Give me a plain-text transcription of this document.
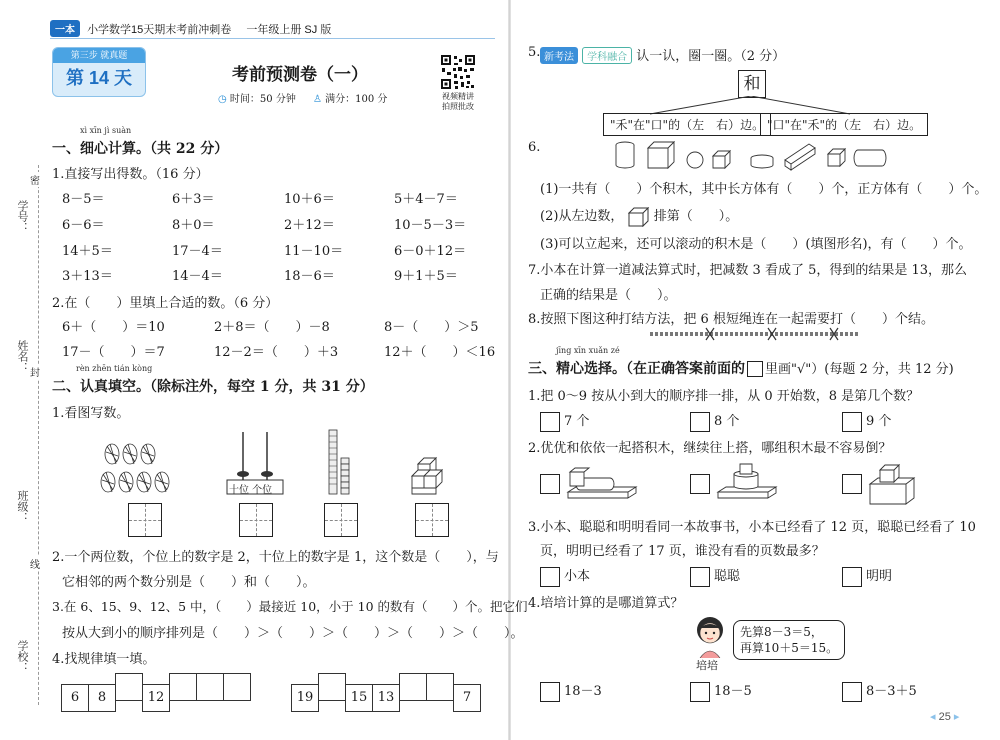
一本 小学数学15天期末考前冲刺卷 一年级上册 SJ 版
第三步 就真题
第 14 天	考前预测卷（一）
◷ 时间：50 分钟 ♙ 满分：100 分	视频精讲
拍照批改
学号：
姓名：
班级：
学校：
密
封
线
xì xīn jì suàn
一、细心计算。（共 22 分）
1.直接写出得数。（16 分）
8－5＝	6＋3＝	10＋6＝	5＋4－7＝
6－6＝	8＋0＝	2＋12＝	10－5－3＝
14＋5＝	17－4＝	11－10＝	6－0＋12＝
3＋13＝	14－4＝	18－6＝	9＋1＋5＝
2.在（　　）里填上合适的数。（6 分）
6＋（　　）＝10	2＋8＝（　　）－8	8－（　　）＞5
17－（　　）＝7	12－2＝（　　）＋3	12＋（　　）＜16
rèn zhēn tián kòng
二、认真填空。（除标注外，每空 1 分，共 31 分）
1.看图写数。
十位 个位
2.一个两位数，个位上的数字是 2，十位上的数字是 1，这个数是（　　），与
它相邻的两个数分别是（　　）和（　　）。
3.在 6、15、9、12、5 中，（　　）最接近 10，小于 10 的数有（　　）个。把它们
按从大到小的顺序排列是（　　）＞（　　）＞（　　）＞（　　）＞（　　）。
4.找规律填一填。
6 8	12	19	15 13	7
新考法 学科融合 认一认，圈一圈。（2 分）
5.
和
"禾"在"口"的（左　右）边。 "口"在"禾"的（左　右）边。
6.
(1)一共有（　　）个积木，其中长方体有（　　）个，正方体有（　　）个。
(2)从左边数， 排第（　　）。
(3)可以立起来，还可以滚动的积木是（　　）(填图形名)，有（　　）个。
7.小本在计算一道减法算式时，把减数 3 看成了 5，得到的结果是 13，那么
正确的结果是（　　）。
8.按照下图这种打结方法，把 6 根短绳连在一起需要打（　　）个结。
jīng xīn xuǎn zé
三、精心选择。（在正确答案前面的 里画"√"）(每题 2 分，共 12 分)
1.把 0～9 按从小到大的顺序排一排，从 0 开始数，8 是第几个数？
7 个	8 个	9 个
2.优优和依依一起搭积木，继续往上搭，哪组积木最不容易倒？
3.小本、聪聪和明明看同一本故事书，小本已经看了 12 页，聪聪已经看了 10
页，明明已经看了 17 页，谁没有看的页数最多？
小本	聪聪	明明
4.培培计算的是哪道算式？
培培
先算8－3＝5，
再算10＋5＝15。
18－3	18－5	8－3＋5
◂ 25 ▸
